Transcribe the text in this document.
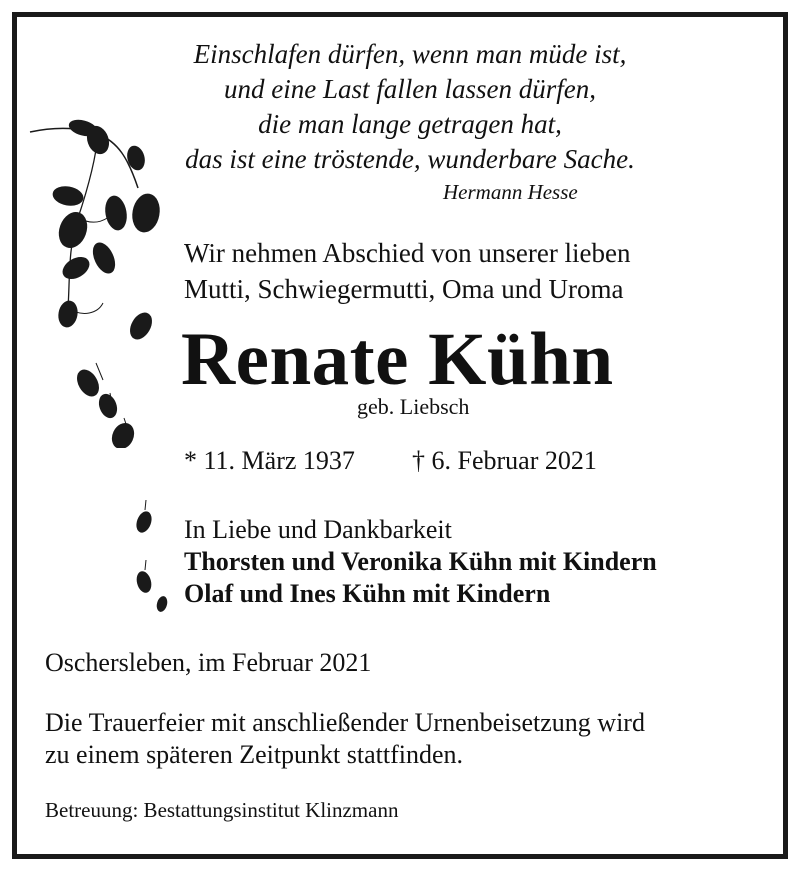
Einschlafen dürfen, wenn man müde ist,
und eine Last fallen lassen dürfen,
die man lange getragen hat,
das ist eine tröstende, wunderbare Sache.
Hermann Hesse
Wir nehmen Abschied von unserer lieben
Mutti, Schwiegermutti, Oma und Uroma
Renate Kühn
geb. Liebsch
* 11. März 1937 † 6. Februar 2021
In Liebe und Dankbarkeit
Thorsten und Veronika Kühn mit Kindern
Olaf und Ines Kühn mit Kindern
Oschersleben, im Februar 2021
Die Trauerfeier mit anschließender Urnenbeisetzung wird
zu einem späteren Zeitpunkt stattfinden.
Betreuung: Bestattungsinstitut Klinzmann
